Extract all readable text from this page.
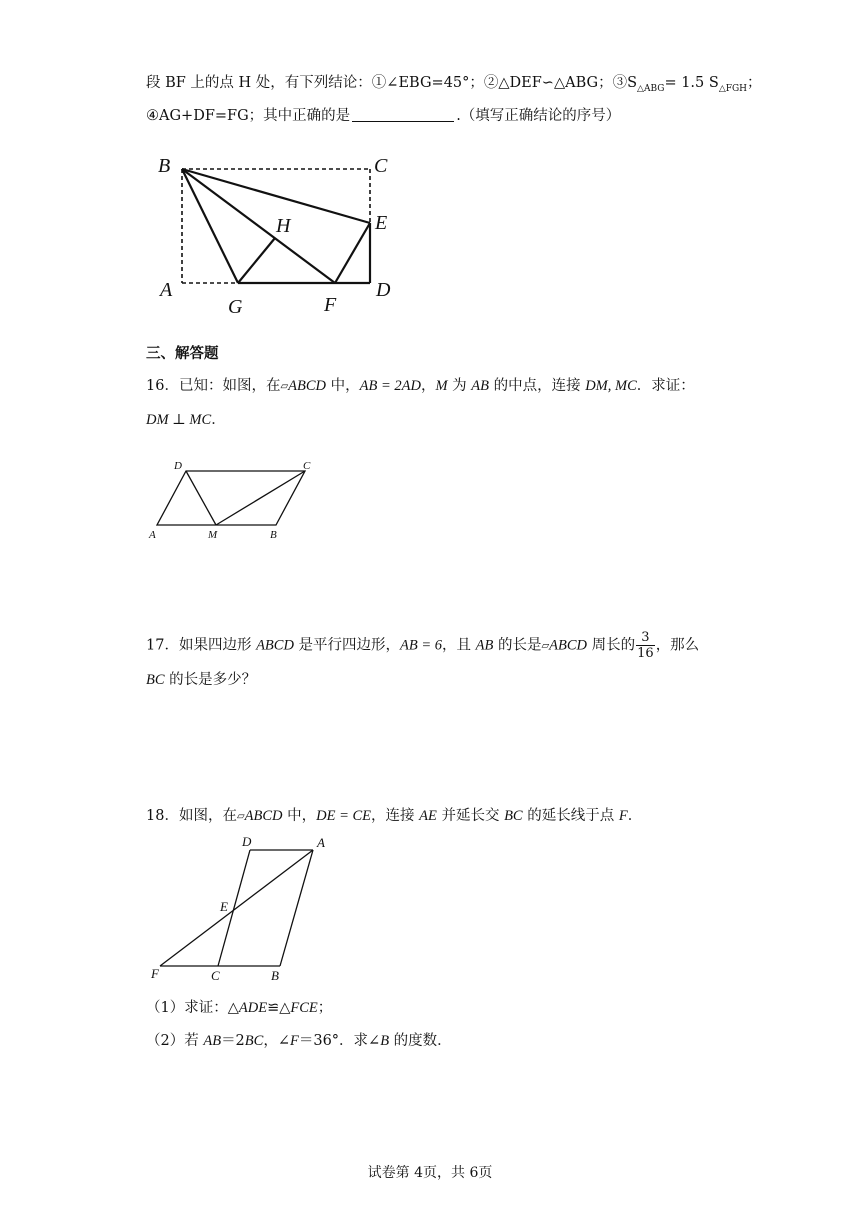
段 BF 上的点 H 处，有下列结论：①∠EBG=45°；②△DEF∽△ABG；$③S_{\triangle ABG}= 1.5$ $S_{\triangle FGH}$；
④AG+DF=FG；其中正确的是	.（填写正确结论的序号）
B	C
H	E
A
G	F
D
三、解答题
16．已知：如图，在▱ABCD 中，AB = 2AD，M 为 AB 的中点，连接 DM, MC．求证：
DM ⊥ MC．
D	C
A	M	B
17．如果四边形 ABCD 是平行四边形，AB = 6，且 AB 的长是▱ABCD 周长的 $\frac{3}{16}$ ，那么
BC 的长是多少？
18．如图，在▱ABCD 中，DE = CE，连接 AE 并延长交 BC 的延长线于点 F．
D	A
E
F	C	B
（1）求证：△ADE≌△FCE；
（2）若 AB＝2BC，∠F＝36°．求∠B 的度数．
试卷第 4页，共 6页
